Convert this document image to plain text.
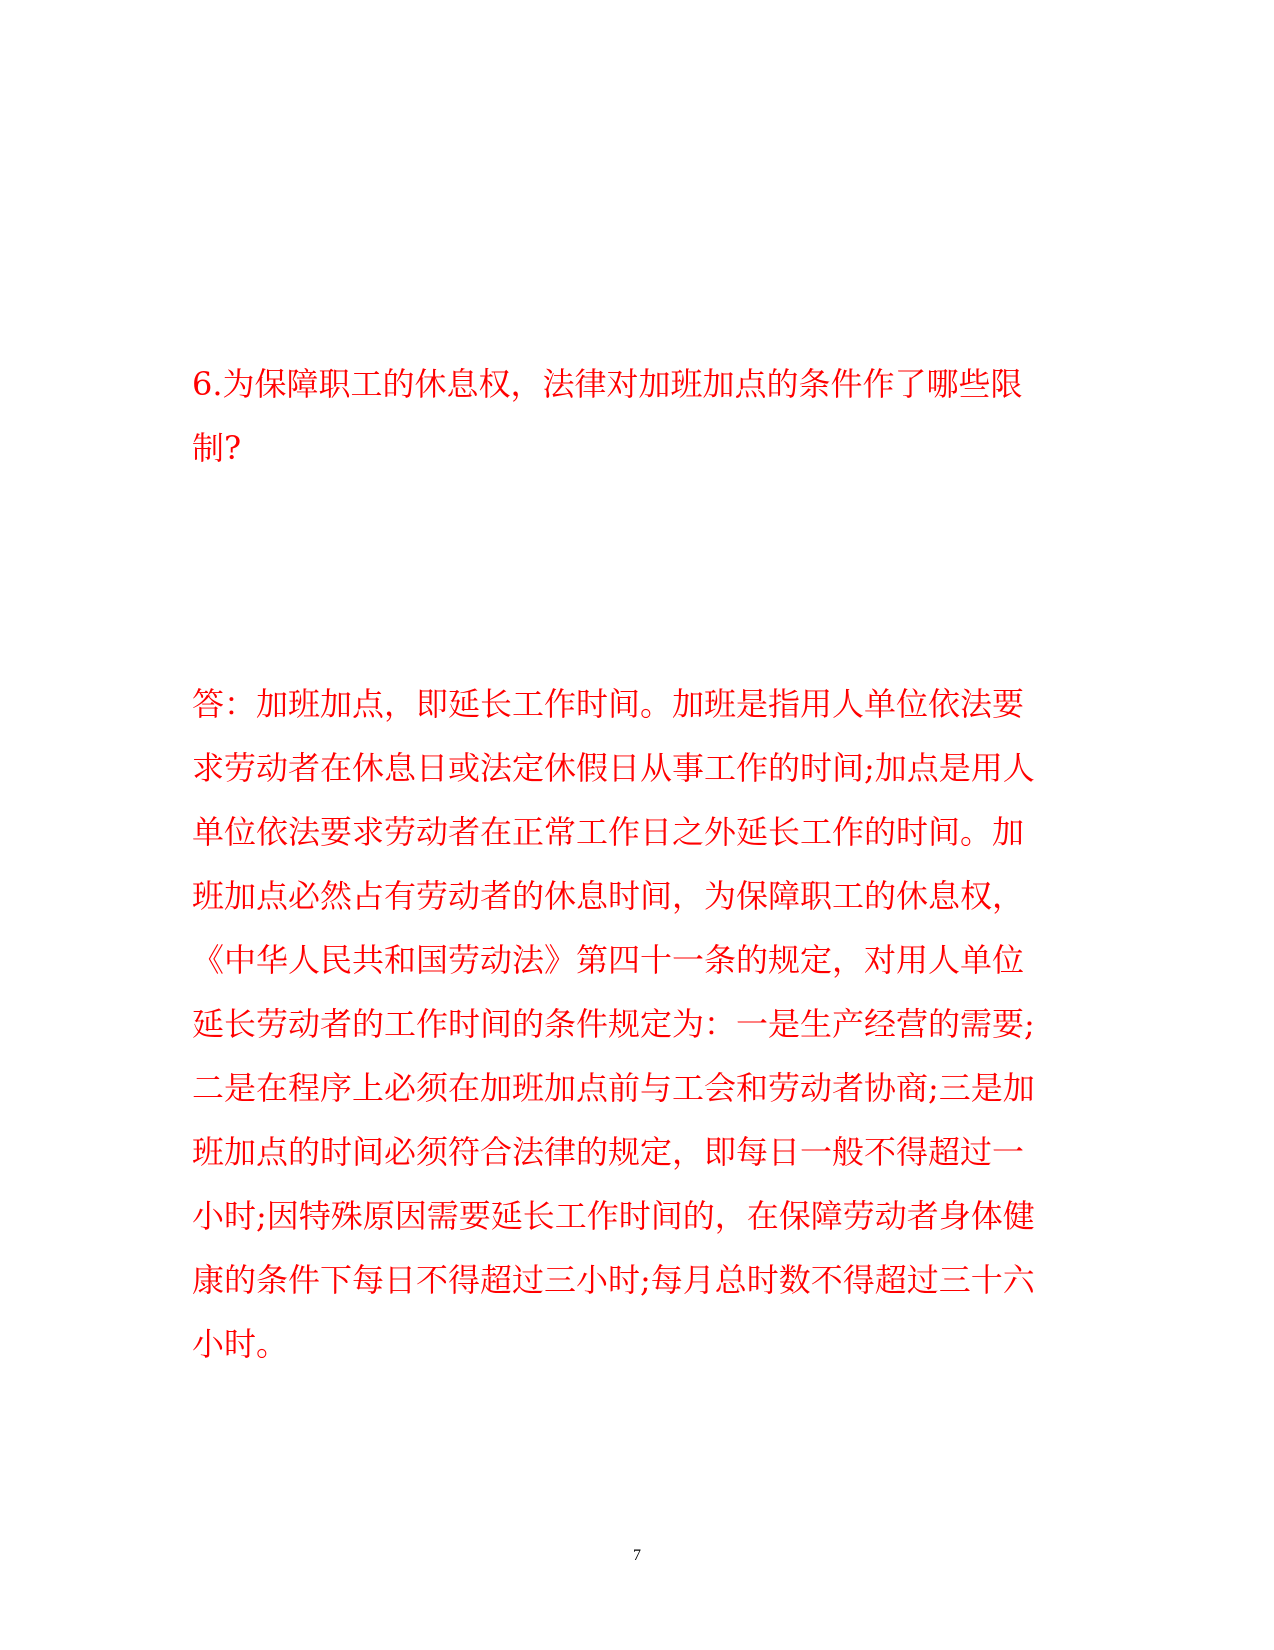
6.为保障职工的休息权，法律对加班加点的条件作了哪些限制?

答：加班加点，即延长工作时间。加班是指用人单位依法要求劳动者在休息日或法定休假日从事工作的时间;加点是用人单位依法要求劳动者在正常工作日之外延长工作的时间。加班加点必然占有劳动者的休息时间，为保障职工的休息权，《中华人民共和国劳动法》第四十一条的规定，对用人单位延长劳动者的工作时间的条件规定为：一是生产经营的需要;二是在程序上必须在加班加点前与工会和劳动者协商;三是加班加点的时间必须符合法律的规定，即每日一般不得超过一小时;因特殊原因需要延长工作时间的，在保障劳动者身体健康的条件下每日不得超过三小时;每月总时数不得超过三十六小时。

7
